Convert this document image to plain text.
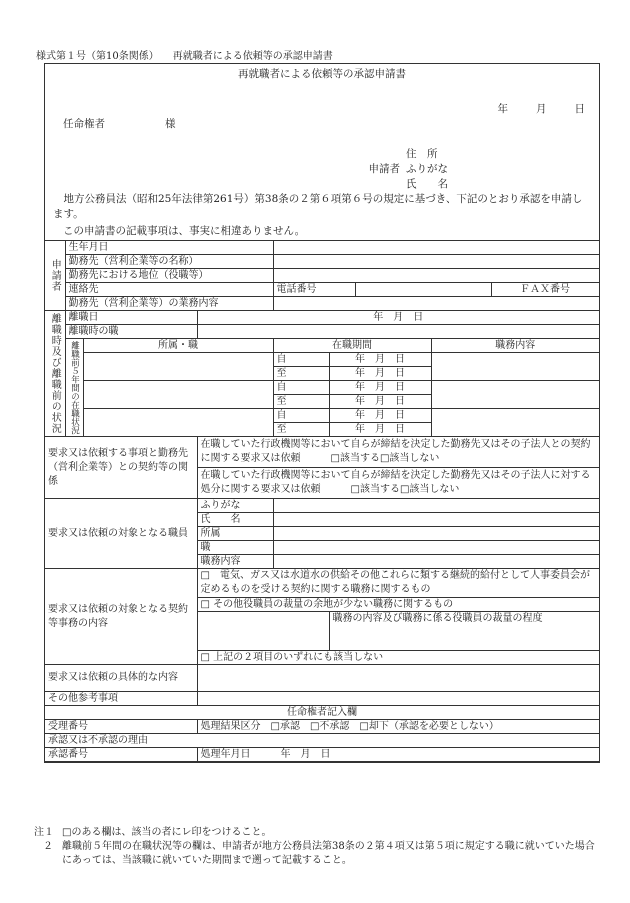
様式第１号（第10条関係） 再就職者による依頼等の承認申請書
再就職者による依頼等の承認申請書
年	月	日
任命権者	様
住　所
申請者 ふりがな
氏　　名
地方公務員法（昭和25年法律第261号）第38条の２第６項第６号の規定に基づき、下記のとおり承認を申請します。
この申請書の記載事項は、事実に相違ありません。
申請者	生年月日								
	勤務先（営利企業等の名称）								
	勤務先における地位（役職等）								
	連絡先			電話番号				ＦＡＸ番号	
	勤務先（営利企業等）の業務内容								
離職時及び離職前の状況	離職日		年　月　日						
	離職時の職								
	離職前５年間の在職状況	所属・職		在職期間			職務内容		
				自	年　月　日				
				至	年　月　日				
				自	年　月　日				
				至	年　月　日				
				自	年　月　日				
				至	年　月　日				
要求又は依頼する事項と勤務先（営利企業等）との契約等の関係			在職していた行政機関等において自らが締結を決定した勤務先又はその子法人との契約に関する要求又は依頼 □該当する□該当しない						
			在職していた行政機関等において自らが締結を決定した勤務先又はその子法人に対する処分に関する要求又は依頼 □該当する□該当しない						
要求又は依頼の対象となる職員			ふりがな						
			氏　　名						
			所属						
			職						
			職務内容						
要求又は依頼の対象となる契約等事務の内容			□　電気、ガス又は水道水の供給その他これらに類する継続的給付として人事委員会が定めるものを受ける契約に関する職務に関するもの						
			□ その他役職員の裁量の余地が少ない職務に関するもの						
					職務の内容及び職務に係る役職員の裁量の程度				
			□ 上記の２項目のいずれにも該当しない						
要求又は依頼の具体的な内容									
その他参考事項									
任命権者記入欄									
受理番号			処理結果区分 □承認　□不承認　□却下（承認を必要としない）						
承認又は不承認の理由									
承認番号			処理年月日 年　月　日						
注１ □のある欄は、該当の者にレ印をつけること。
２ 離職前５年間の在職状況等の欄は、申請者が地方公務員法第38条の２第４項又は第５項に規定する職に就いていた場合にあっては、当該職に就いていた期間まで遡って記載すること。
